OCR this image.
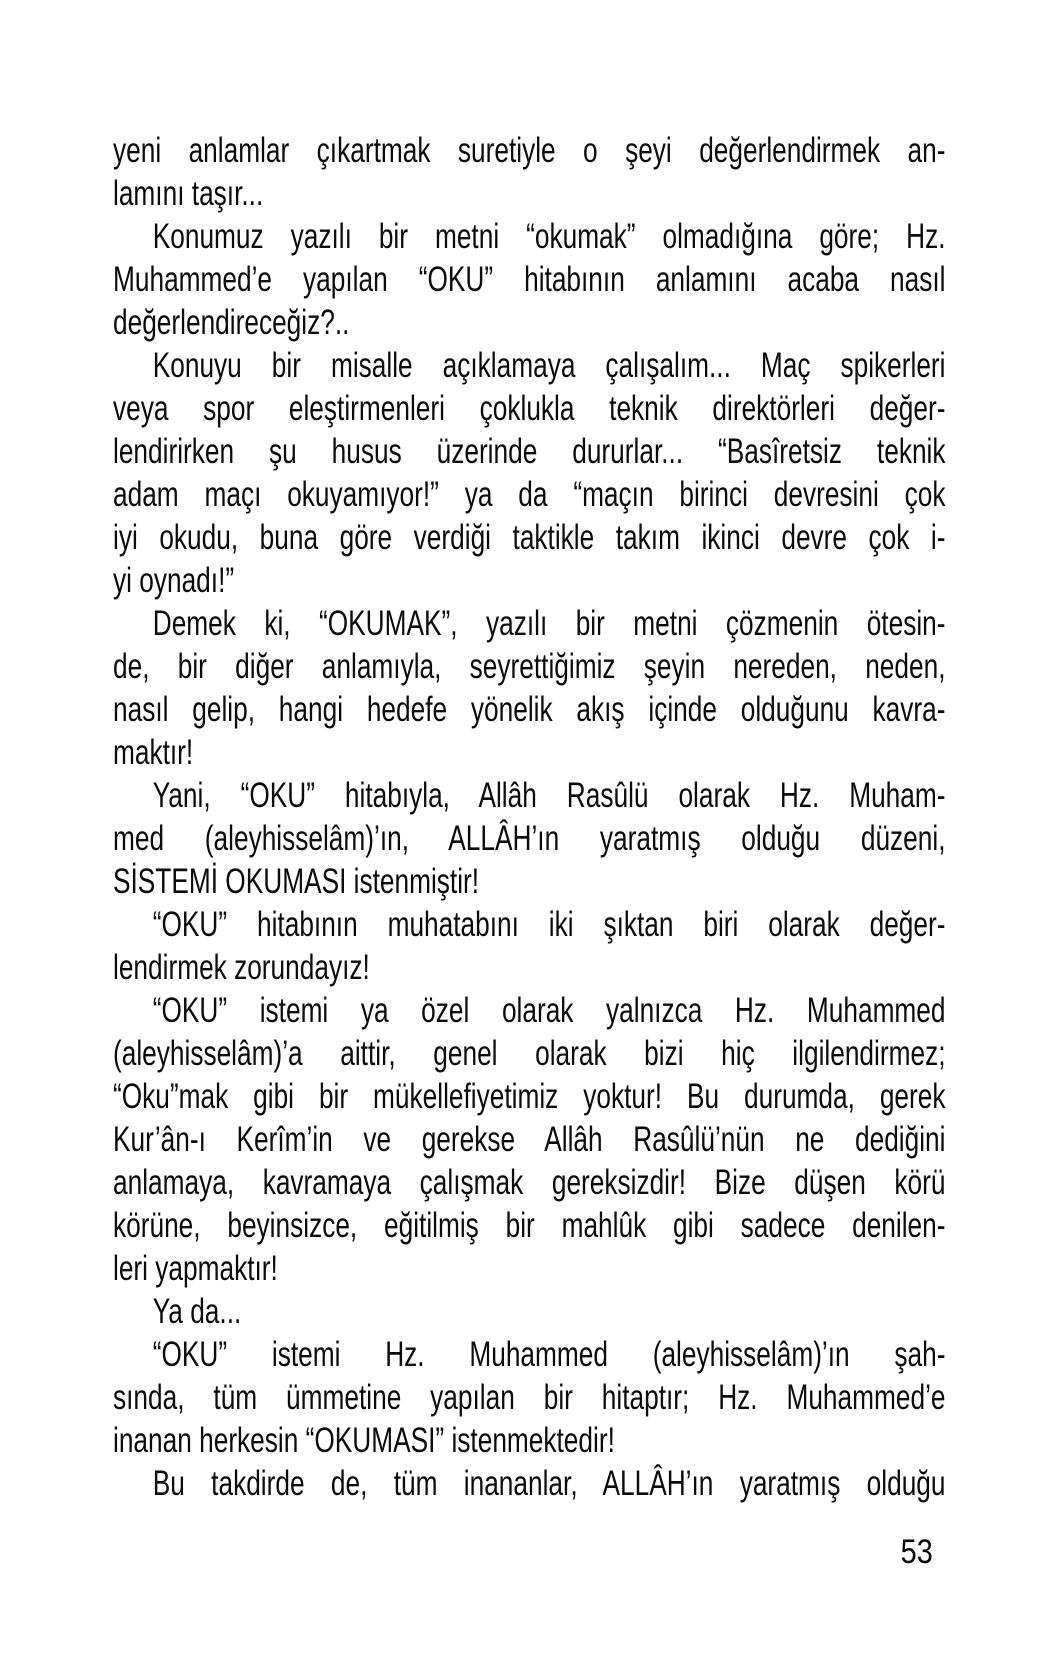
yeni anlamlar çıkartmak suretiyle o şeyi değerlendirmek an-
lamını taşır...
Konumuz yazılı bir metni “okumak” olmadığına göre; Hz.
Muhammed’e yapılan “OKU” hitabının anlamını acaba nasıl
değerlendireceğiz?..
Konuyu bir misalle açıklamaya çalışalım... Maç spikerleri
veya spor eleştirmenleri çoklukla teknik direktörleri değer-
lendirirken şu husus üzerinde dururlar... “Basîretsiz teknik
adam maçı okuyamıyor!” ya da “maçın birinci devresini çok
iyi okudu, buna göre verdiği taktikle takım ikinci devre çok i-
yi oynadı!”
Demek ki, “OKUMAK”, yazılı bir metni çözmenin ötesin-
de, bir diğer anlamıyla, seyrettiğimiz şeyin nereden, neden,
nasıl gelip, hangi hedefe yönelik akış içinde olduğunu kavra-
maktır!
Yani, “OKU” hitabıyla, Allâh Rasûlü olarak Hz. Muham-
med (aleyhisselâm)’ın, ALLÂH’ın yaratmış olduğu düzeni,
SİSTEMİ OKUMASI istenmiştir!
“OKU” hitabının muhatabını iki şıktan biri olarak değer-
lendirmek zorundayız!
“OKU” istemi ya özel olarak yalnızca Hz. Muhammed
(aleyhisselâm)’a aittir, genel olarak bizi hiç ilgilendirmez;
“Oku”mak gibi bir mükellefiyetimiz yoktur! Bu durumda, gerek
Kur’ân-ı Kerîm’in ve gerekse Allâh Rasûlü’nün ne dediğini
anlamaya, kavramaya çalışmak gereksizdir! Bize düşen körü
körüne, beyinsizce, eğitilmiş bir mahlûk gibi sadece denilen-
leri yapmaktır!
Ya da...
“OKU” istemi Hz. Muhammed (aleyhisselâm)’ın şah-
sında, tüm ümmetine yapılan bir hitaptır; Hz. Muhammed’e
inanan herkesin “OKUMASI” istenmektedir!
Bu takdirde de, tüm inananlar, ALLÂH’ın yaratmış olduğu
53
